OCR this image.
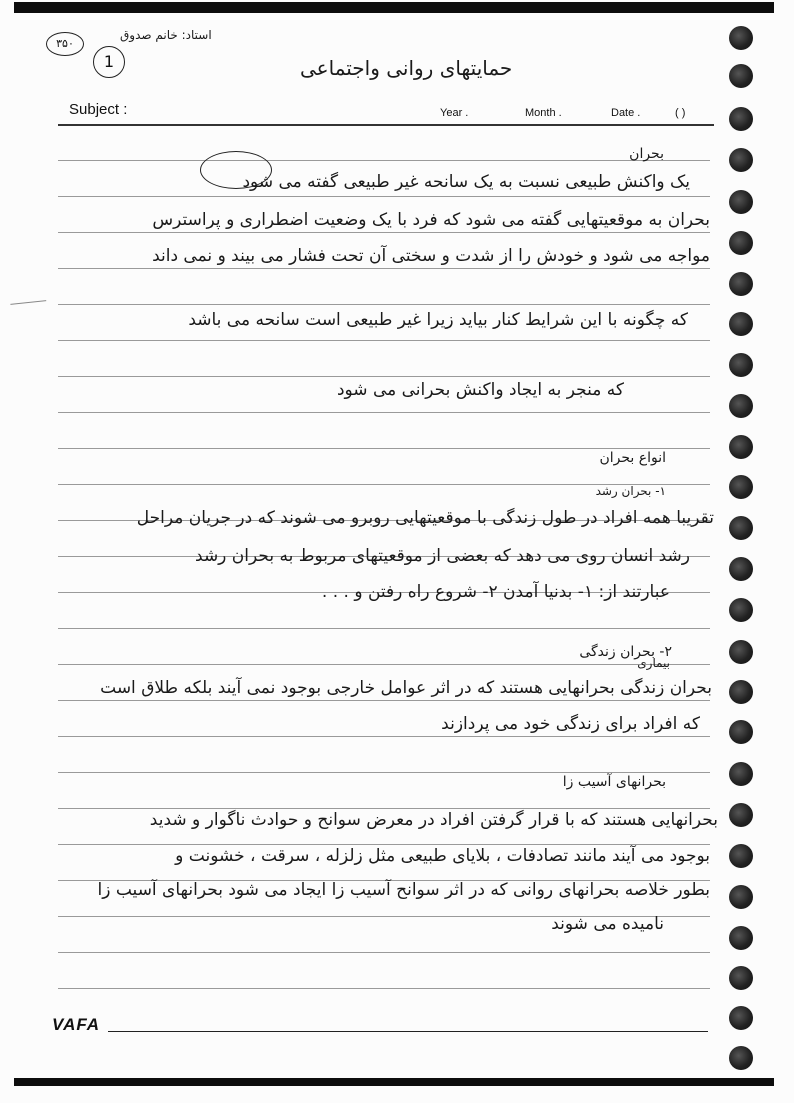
استاد: خانم صدوق
۳۵۰
1	حمایتهای روانی واجتماعی
Subject :	Year .	Month .	Date .	( )
بحران
یک واکنش طبیعی نسبت به یک سانحه غیر طبیعی گفته می شود
بحران به موقعیتهایی گفته می شود که فرد با یک وضعیت اضطراری و پراسترس
مواجه می شود و خودش را از شدت و سختی آن تحت فشار می بیند و نمی داند
که چگونه با این شرایط کنار بیاید زیرا غیر طبیعی است سانحه می باشد
که منجر به ایجاد واکنش بحرانی می شود
انواع بحران
۱- بحران رشد
تقریبا همه افراد در طول زندگی با موقعیتهایی روبرو می شوند که در جریان مراحل
رشد انسان روی می دهد که بعضی از موقعیتهای مربوط به بحران رشد
عبارتند از: ۱- بدنیا آمدن ۲- شروع راه رفتن و . . .
۲- بحران زندگی
بیماری
بحران زندگی بحرانهایی هستند که در اثر عوامل خارجی بوجود نمی آیند بلکه طلاق است
که افراد برای زندگی خود می پردازند
بحرانهای آسیب زا
بحرانهایی هستند که با قرار گرفتن افراد در معرض سوانح و حوادث ناگوار و شدید
بوجود می آیند مانند تصادفات ، بلایای طبیعی مثل زلزله ، سرقت ، خشونت و
بطور خلاصه بحرانهای روانی که در اثر سوانح آسیب زا ایجاد می شود بحرانهای آسیب زا
نامیده می شوند
VAFA
